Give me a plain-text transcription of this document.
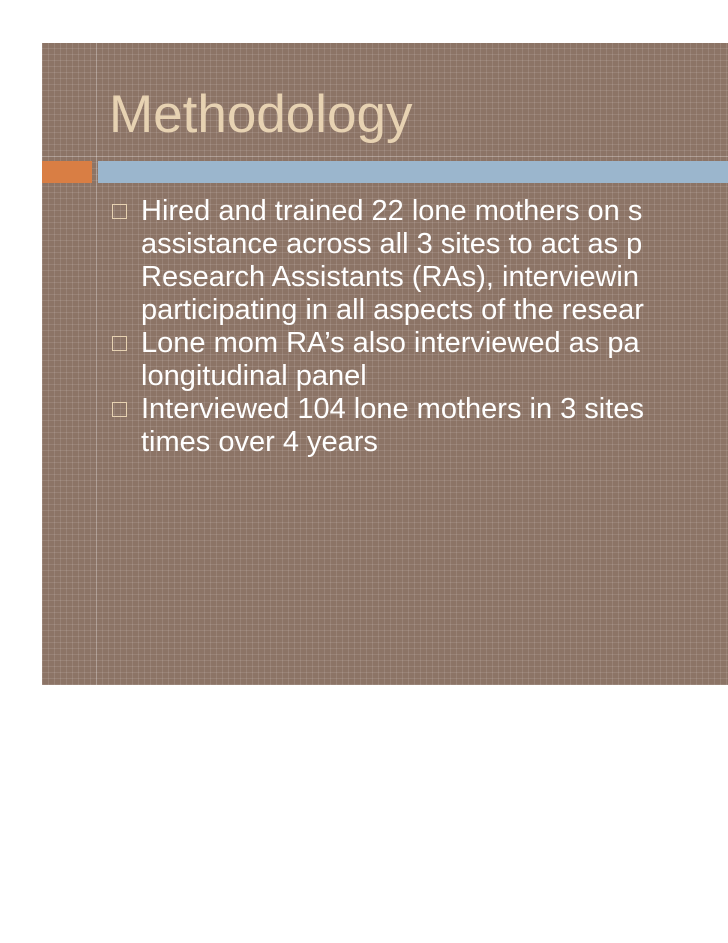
Methodology
Hired and trained 22 lone mothers on s
assistance across all 3 sites to act as p
Research Assistants (RAs), interviewin
participating in all aspects of the resear
Lone mom RA’s also interviewed as pa
longitudinal panel
Interviewed 104 lone mothers in 3 sites
times over 4 years
